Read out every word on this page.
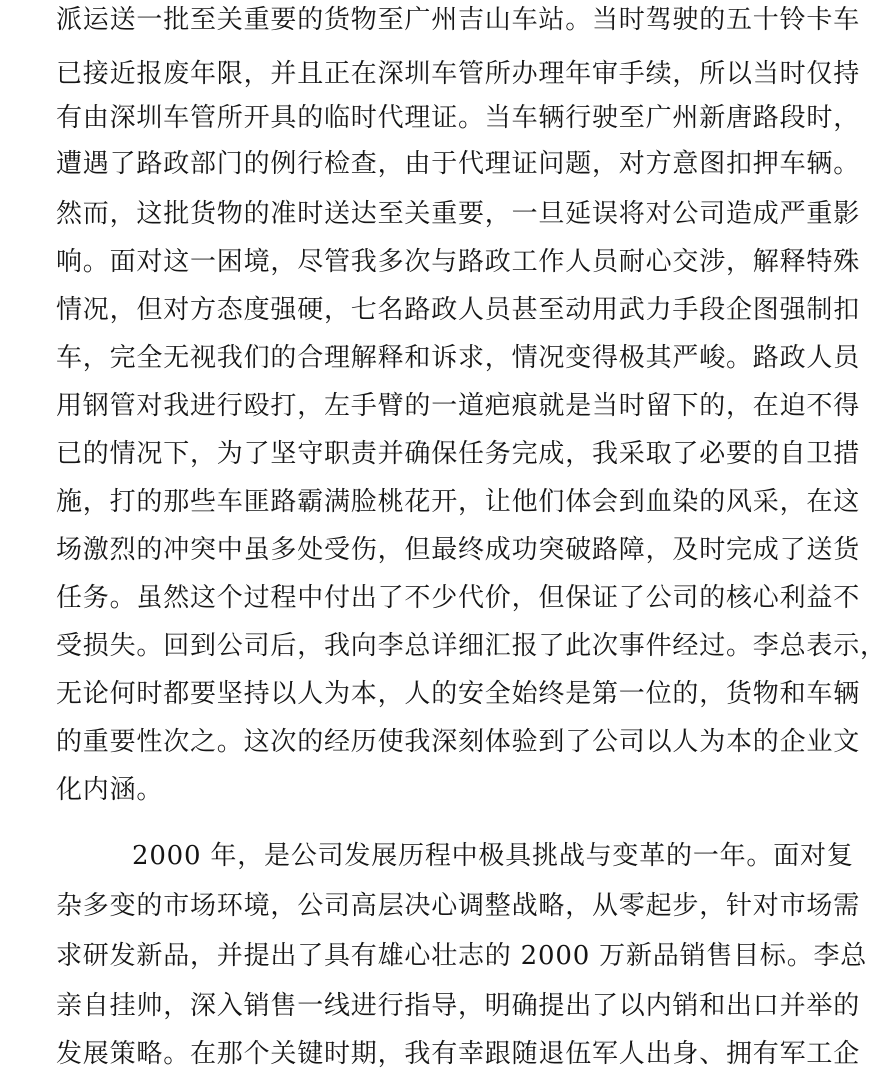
派运送一批至关重要的货物至广州吉山车站。当时驾驶的五十铃卡车
已接近报废年限，并且正在深圳车管所办理年审手续，所以当时仅持
有由深圳车管所开具的临时代理证。当车辆行驶至广州新唐路段时，
遭遇了路政部门的例行检查，由于代理证问题，对方意图扣押车辆。
然而，这批货物的准时送达至关重要，一旦延误将对公司造成严重影
响。面对这一困境，尽管我多次与路政工作人员耐心交涉，解释特殊
情况，但对方态度强硬，七名路政人员甚至动用武力手段企图强制扣
车，完全无视我们的合理解释和诉求，情况变得极其严峻。路政人员
用钢管对我进行殴打，左手臂的一道疤痕就是当时留下的，在迫不得
已的情况下，为了坚守职责并确保任务完成，我采取了必要的自卫措
施，打的那些车匪路霸满脸桃花开，让他们体会到血染的风采，在这
场激烈的冲突中虽多处受伤，但最终成功突破路障，及时完成了送货
任务。虽然这个过程中付出了不少代价，但保证了公司的核心利益不
受损失。回到公司后，我向李总详细汇报了此次事件经过。李总表示，
无论何时都要坚持以人为本，人的安全始终是第一位的，货物和车辆
的重要性次之。这次的经历使我深刻体验到了公司以人为本的企业文
化内涵。
2000 年，是公司发展历程中极具挑战与变革的一年。面对复
杂多变的市场环境，公司高层决心调整战略，从零起步，针对市场需
求研发新品，并提出了具有雄心壮志的 2000 万新品销售目标。李总
亲自挂帅，深入销售一线进行指导，明确提出了以内销和出口并举的
发展策略。在那个关键时期，我有幸跟随退伍军人出身、拥有军工企
